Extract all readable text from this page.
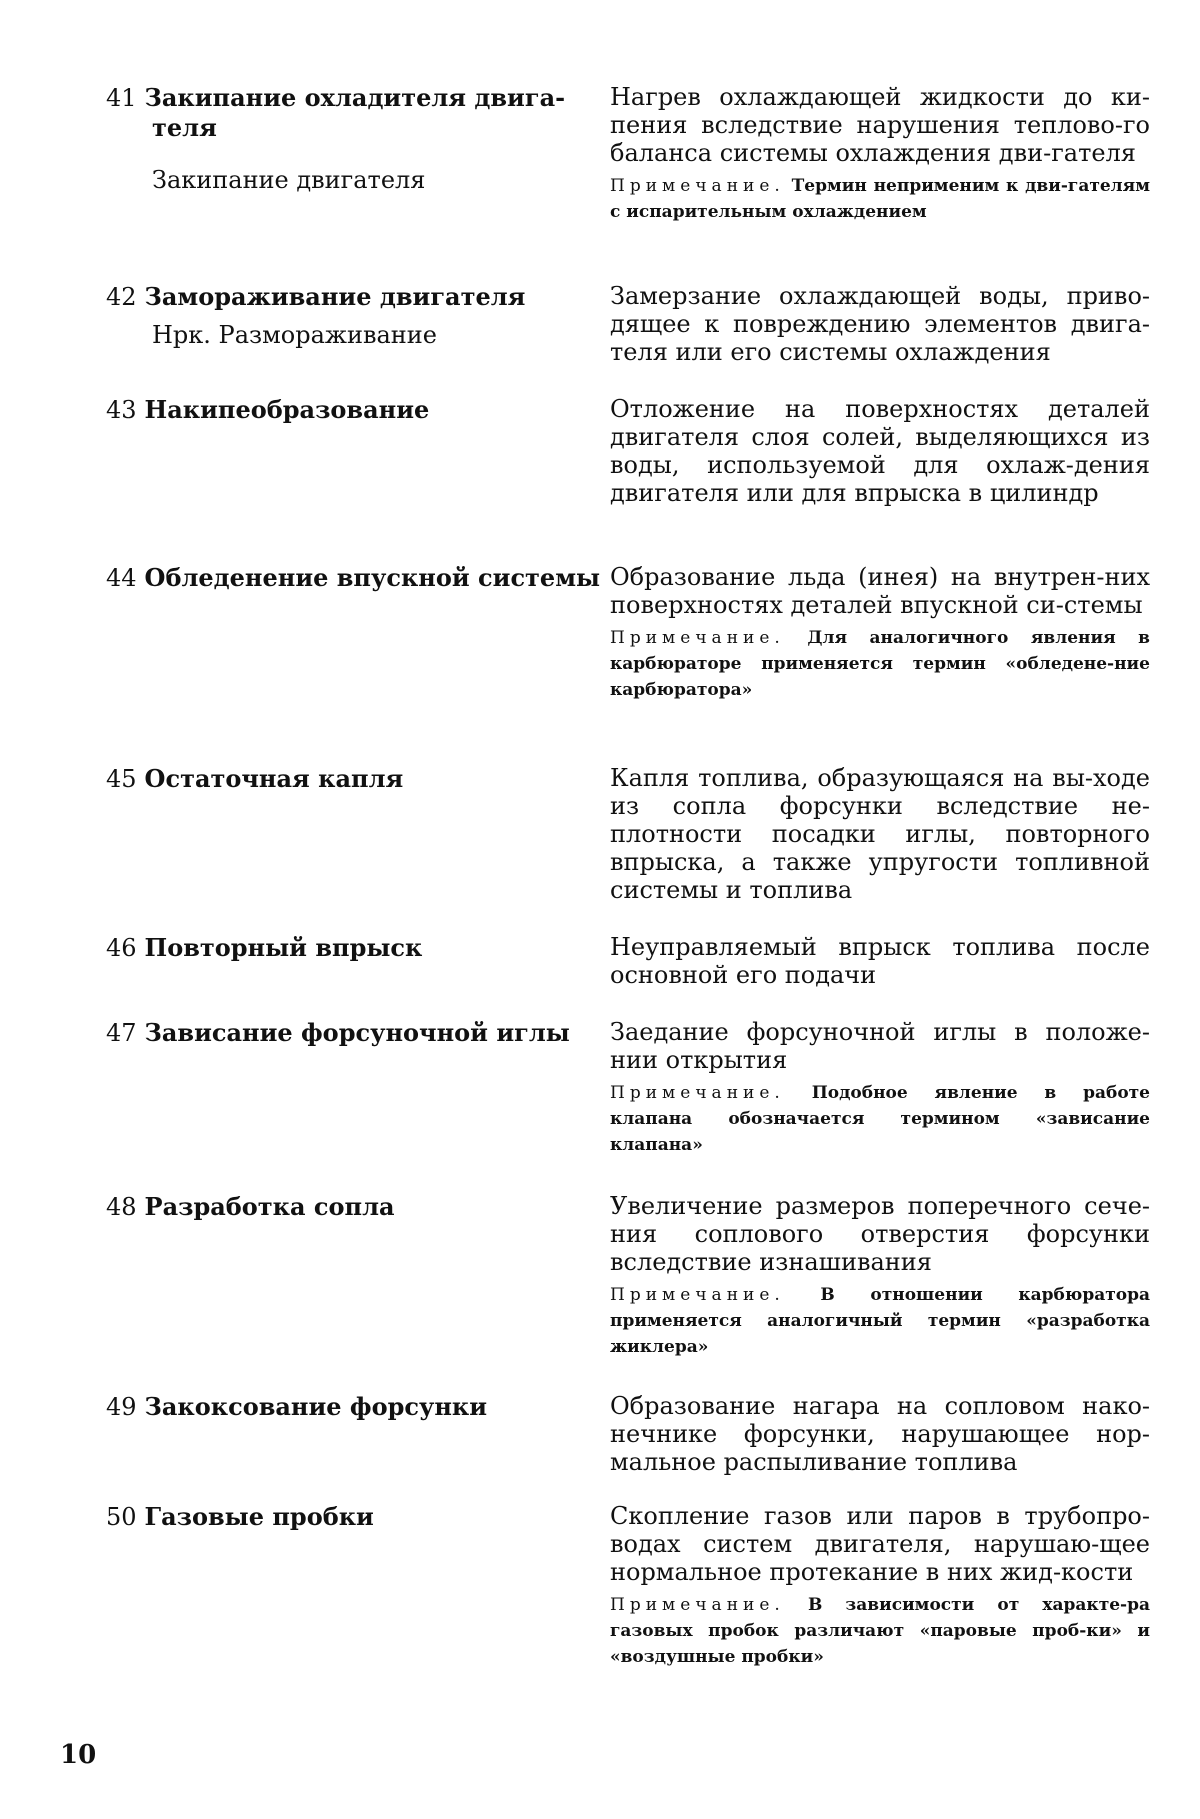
41 Закипание охладителя двига-
теля
Закипание двигателя
Нагрев охлаждающей жидкости до ки-пения вследствие нарушения теплово-го баланса системы охлаждения дви-гателя
Примечание. Термин неприменим к дви-гателям с испарительным охлаждением
42 Замораживание двигателя
Нрк. Размораживание
Замерзание охлаждающей воды, приво-дящее к повреждению элементов двига-теля или его системы охлаждения
43 Накипеобразование	Отложение на поверхностях деталей двигателя слоя солей, выделяющихся из воды, используемой для охлаж-дения двигателя или для впрыска в цилиндр
44 Обледенение впускной системы Образование льда (инея) на внутрен-них поверхностях деталей впускной си-стемы
Примечание. Для аналогичного явления в карбюраторе применяется термин «обледене-ние карбюратора»
45 Остаточная капля	Капля топлива, образующаяся на вы-ходе из сопла форсунки вследствие не-плотности посадки иглы, повторного впрыска, а также упругости топливной системы и топлива
46 Повторный впрыск	Неуправляемый впрыск топлива после основной его подачи
47 Зависание форсуночной иглы Заедание форсуночной иглы в положе-нии открытия
Примечание. Подобное явление в работе клапана обозначается термином «зависание клапана»
48 Разработка сопла	Увеличение размеров поперечного сече-ния соплового отверстия форсунки вследствие изнашивания
Примечание. В отношении карбюратора применяется аналогичный термин «разработка жиклера»
49 Закоксование форсунки	Образование нагара на сопловом нако-нечнике форсунки, нарушающее нор-мальное распыливание топлива
50 Газовые пробки	Скопление газов или паров в трубопро-водах систем двигателя, нарушаю-щее нормальное протекание в них жид-кости
Примечание. В зависимости от характе-ра газовых пробок различают «паровые проб-ки» и «воздушные пробки»
10
